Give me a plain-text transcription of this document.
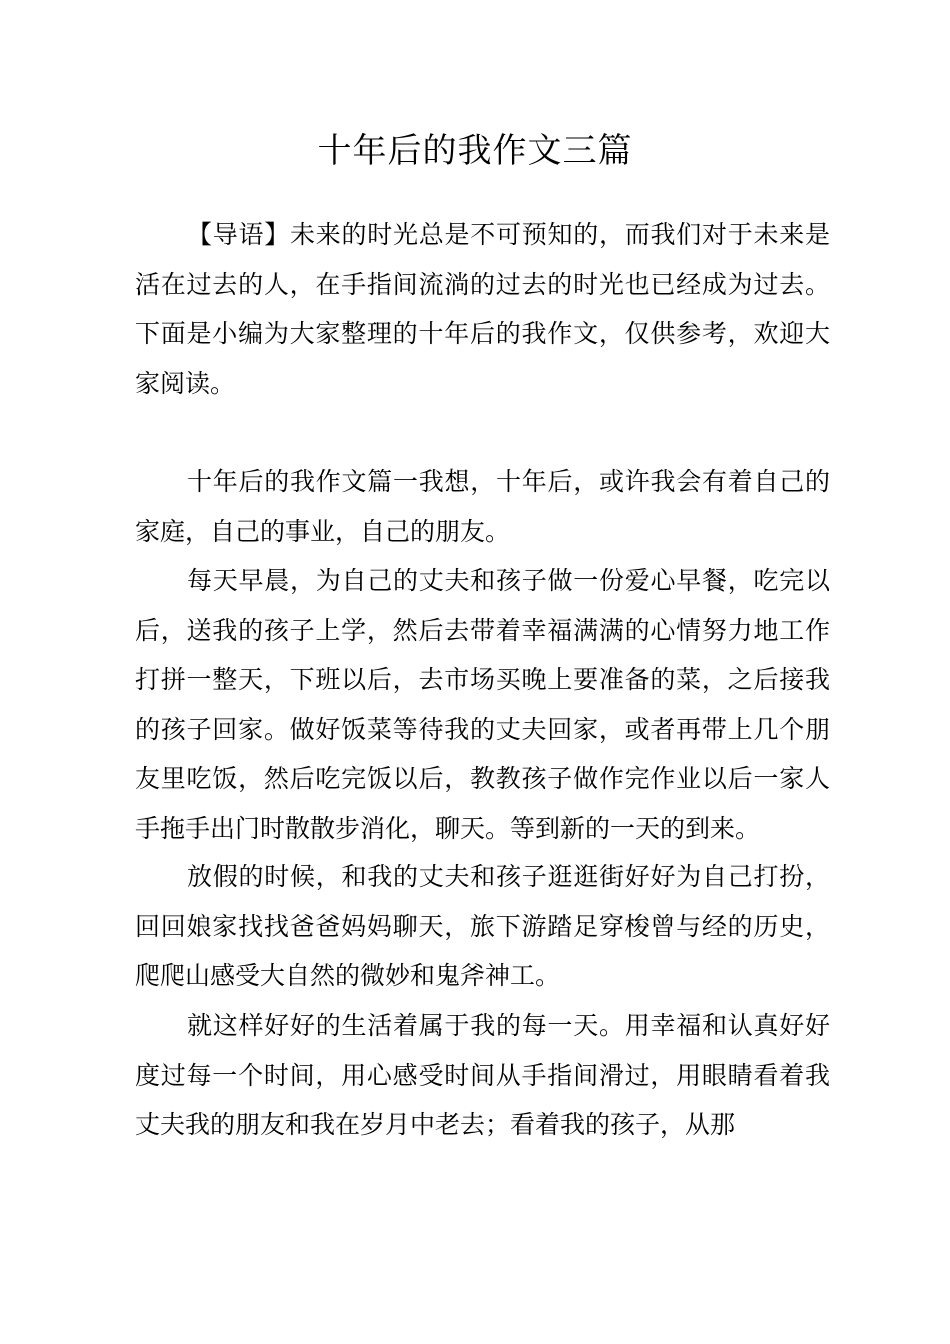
十年后的我作文三篇

【导语】未来的时光总是不可预知的，而我们对于未来是活在过去的人，在手指间流淌的过去的时光也已经成为过去。下面是小编为大家整理的十年后的我作文，仅供参考，欢迎大家阅读。

十年后的我作文篇一我想，十年后，或许我会有着自己的家庭，自己的事业，自己的朋友。

每天早晨，为自己的丈夫和孩子做一份爱心早餐，吃完以后，送我的孩子上学，然后去带着幸福满满的心情努力地工作打拼一整天，下班以后，去市场买晚上要准备的菜，之后接我的孩子回家。做好饭菜等待我的丈夫回家，或者再带上几个朋友里吃饭，然后吃完饭以后，教教孩子做作完作业以后一家人手拖手出门时散散步消化，聊天。等到新的一天的到来。

放假的时候，和我的丈夫和孩子逛逛街好好为自己打扮，回回娘家找找爸爸妈妈聊天，旅下游踏足穿梭曾与经的历史，爬爬山感受大自然的微妙和鬼斧神工。

就这样好好的生活着属于我的每一天。用幸福和认真好好度过每一个时间，用心感受时间从手指间滑过，用眼睛看着我丈夫我的朋友和我在岁月中老去；看着我的孩子，从那
